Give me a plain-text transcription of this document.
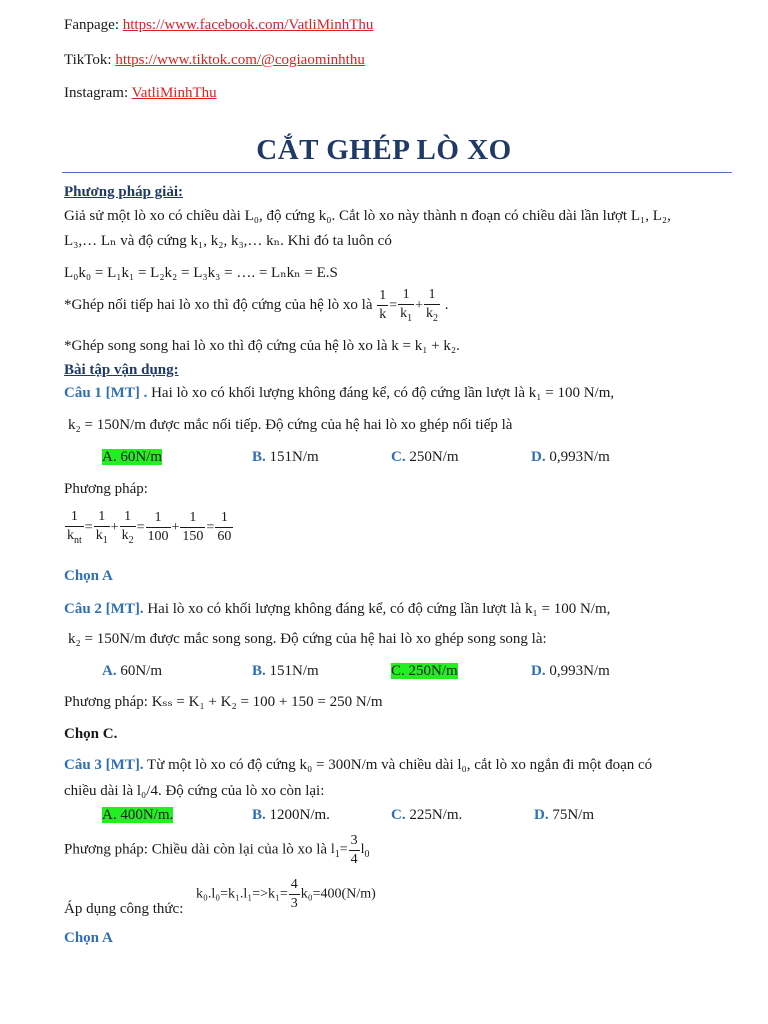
Fanpage: https://www.facebook.com/VatliMinhThu
TikTok: https://www.tiktok.com/@cogiaominhthu
Instagram: VatliMinhThu
CẮT GHÉP LÒ XO
Phương pháp giải:
Giả sử một lò xo có chiều dài L₀, độ cứng k₀. Cắt lò xo này thành n đoạn có chiều dài lần lượt L₁, L₂,
L₃,… Lₙ và độ cứng k₁, k₂, k₃,… kₙ. Khi đó ta luôn có
L₀k₀ = L₁k₁ = L₂k₂ = L₃k₃ = …. = Lₙkₙ = E.S
*Ghép nối tiếp hai lò xo thì độ cứng của hệ lò xo là $\frac{1}{k} = \frac{1}{k_1} + \frac{1}{k_2}$ .
*Ghép song song hai lò xo thì độ cứng của hệ lò xo là k = k₁ + k₂.
Bài tập vận dụng:
Câu 1 [MT] . Hai lò xo có khối lượng không đáng kể, có độ cứng lần lượt là k₁ = 100 N/m,
k₂ = 150N/m được mắc nối tiếp. Độ cứng của hệ hai lò xo ghép nối tiếp là
A. 60N/m	B. 151N/m	C. 250N/m	D. 0,993N/m
Phương pháp:
$\frac{1}{k_{nt}} = \frac{1}{k_1} + \frac{1}{k_2} = \frac{1}{100} + \frac{1}{150} = \frac{1}{60}$
Chọn A
Câu 2 [MT]. Hai lò xo có khối lượng không đáng kể, có độ cứng lần lượt là k₁ = 100 N/m,
k₂ = 150N/m được mắc song song. Độ cứng của hệ hai lò xo ghép song song là:
A. 60N/m	B. 151N/m	C. 250N/m	D. 0,993N/m
Phương pháp: Kₛₛ = K₁ + K₂ = 100 + 150 = 250 N/m
Chọn C.
Câu 3 [MT]. Từ một lò xo có độ cứng k₀ = 300N/m và chiều dài l₀, cắt lò xo ngắn đi một đoạn có
chiều dài là l₀/4. Độ cứng của lò xo còn lại:
A. 400N/m.	B. 1200N/m.	C. 225N/m.	D. 75N/m
Phương pháp: Chiều dài còn lại của lò xo là $l_1= \frac{3}{4} l_0$
$k_0.l_0=k_1.l_1=>k_1= \frac{4}{3} k_0=400(N/m)$
Áp dụng công thức:
Chọn A
